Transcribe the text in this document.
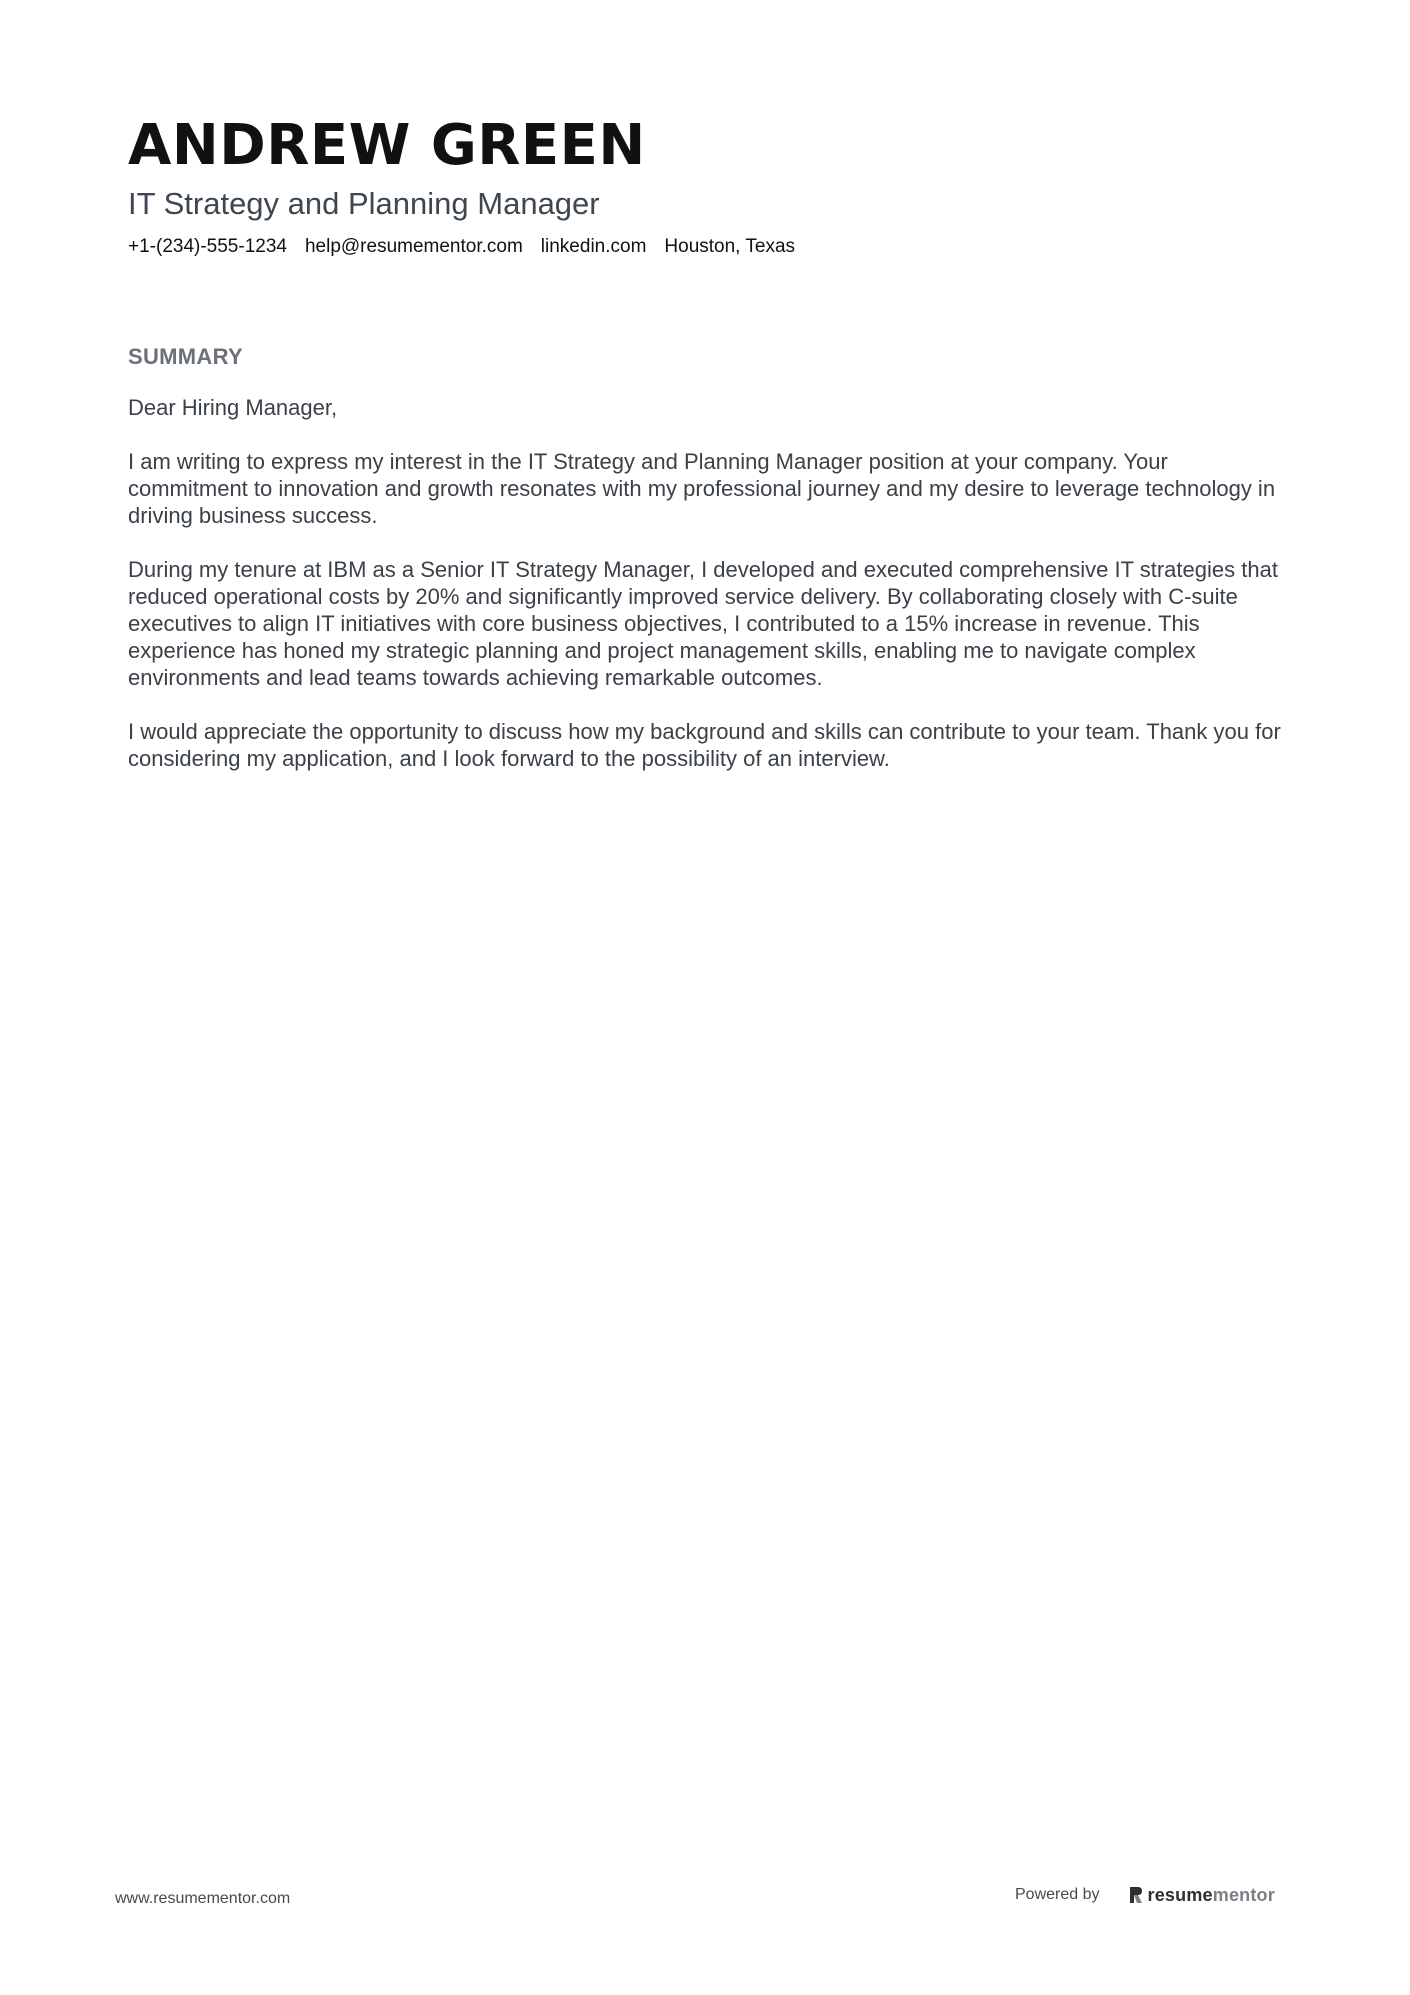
ANDREW GREEN
IT Strategy and Planning Manager
+1-(234)-555-1234 help@resumementor.com linkedin.com Houston, Texas
SUMMARY

Dear Hiring Manager,

I am writing to express my interest in the IT Strategy and Planning Manager position at your company. Your commitment to innovation and growth resonates with my professional journey and my desire to leverage technology in driving business success.

During my tenure at IBM as a Senior IT Strategy Manager, I developed and executed comprehensive IT strategies that reduced operational costs by 20% and significantly improved service delivery. By collaborating closely with C-suite executives to align IT initiatives with core business objectives, I contributed to a 15% increase in revenue. This experience has honed my strategic planning and project management skills, enabling me to navigate complex environments and lead teams towards achieving remarkable outcomes.

I would appreciate the opportunity to discuss how my background and skills can contribute to your team. Thank you for considering my application, and I look forward to the possibility of an interview.

www.resumementor.com	Powered by	resumementor
